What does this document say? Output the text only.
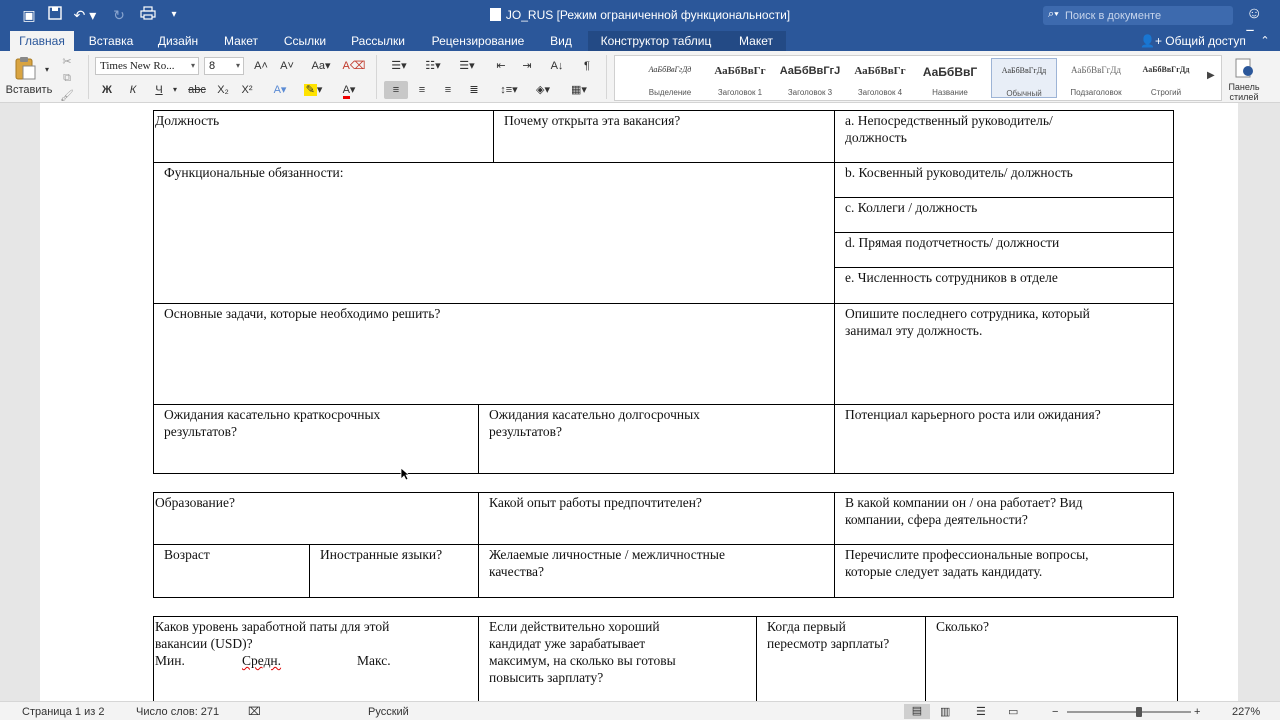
▣	↶ ▾ ↻	▾	JO_RUS [Режим ограниченной функциональности]	⌕▾
Поиск в документе	☺
Главная	Вставка	Дизайн	Макет	Ссылки	Рассылки	Рецензирование	Вид	Конструктор таблиц	Макет	👤+ Общий доступ	⌃
▾
Вставить
✂
⧉
🖌
Times New Ro... ▾	8	▾	A˄	A˅	Aa▾	A⌫
Ж	К	Ч	▾	abc	X₂	X²	A▾	✎ ▾	A▾
☰▾	☷▾	☰▾	⇤	⇥	A↓	¶
≡	≡	≡	≣	↕≡▾	◈▾	▦▾
АаБбВвГгДд
Выделение
АаБбВвГг
Заголовок 1
АаБбВвГгЈ
Заголовок 3
АаБбВвГг
Заголовок 4
АаБбВвГ
Название
АаБбВвГгДд
Обычный
АаБбВвГгДд
Подзаголовок
АаБбВвГгДд
Строгий
▶
Панель
стилей
Должность	Почему открыта эта вакансия?	a. Непосредственный руководитель/
должность
Функциональные обязанности:	b. Косвенный руководитель/ должность
c. Коллеги / должность
d. Прямая подотчетность/ должности
e. Численность сотрудников в отделе
Основные задачи, которые необходимо решить?	Опишите последнего сотрудника, который
занимал эту должность.
Ожидания касательно краткосрочных
результатов?
Ожидания касательно долгосрочных
результатов?
Потенциал карьерного роста или ожидания?
Образование?	Какой опыт работы предпочтителен?	В какой компании он / она работает? Вид
компании, сфера деятельности?
Возраст	Иностранные языки?	Желаемые личностные / межличностные
качества?
Перечислите профессиональные вопросы,
которые следует задать кандидату.
Каков уровень заработной паты для этой
вакансии (USD)?
Мин.	Средн.	Макс.
Если действительно хороший
кандидат уже зарабатывает
максимум, на сколько вы готовы
повысить зарплату?
Когда первый
пересмотр зарплаты?
Сколько?
Страница 1 из 2	Число слов: 271	⌧	Русский	▤	▥ ☰ ▭	−	+	227%
